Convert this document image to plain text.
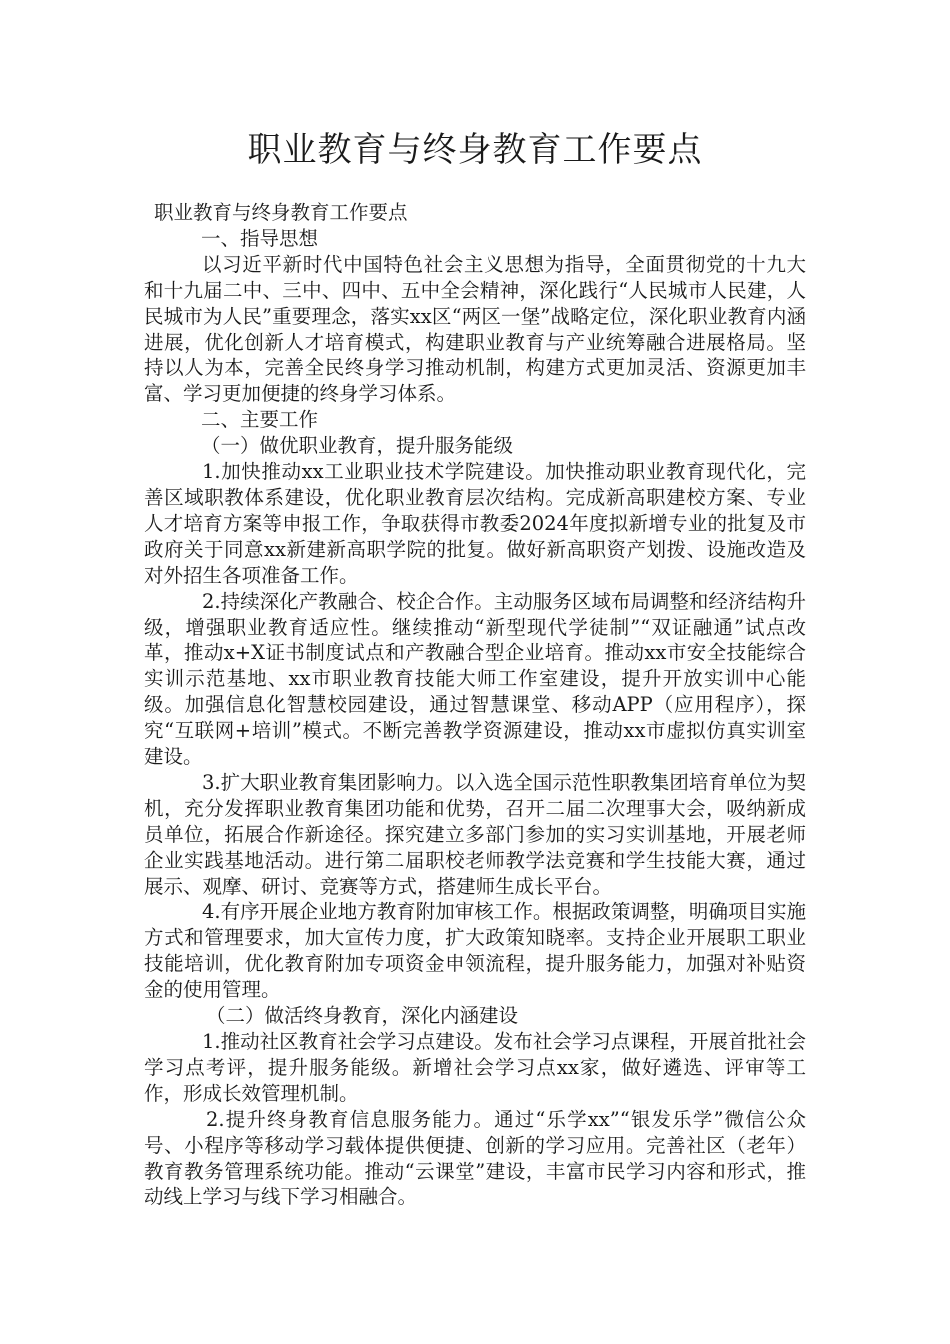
职业教育与终身教育工作要点

职业教育与终身教育工作要点

一、指导思想

以习近平新时代中国特色社会主义思想为指导，全面贯彻党的十九大和十九届二中、三中、四中、五中全会精神，深化践行“人民城市人民建，人民城市为人民”重要理念，落实xx区“两区一堡”战略定位，深化职业教育内涵进展，优化创新人才培育模式，构建职业教育与产业统筹融合进展格局。坚持以人为本，完善全民终身学习推动机制，构建方式更加灵活、资源更加丰富、学习更加便捷的终身学习体系。

二、主要工作

（一）做优职业教育，提升服务能级

1.加快推动xx工业职业技术学院建设。加快推动职业教育现代化，完善区域职教体系建设，优化职业教育层次结构。完成新高职建校方案、专业人才培育方案等申报工作，争取获得市教委2024年度拟新增专业的批复及市政府关于同意xx新建新高职学院的批复。做好新高职资产划拨、设施改造及对外招生各项准备工作。

2.持续深化产教融合、校企合作。主动服务区域布局调整和经济结构升级，增强职业教育适应性。继续推动“新型现代学徒制”“双证融通”试点改革，推动x+X证书制度试点和产教融合型企业培育。推动xx市安全技能综合实训示范基地、xx市职业教育技能大师工作室建设，提升开放实训中心能级。加强信息化智慧校园建设，通过智慧课堂、移动APP（应用程序），探究“互联网+培训”模式。不断完善教学资源建设，推动xx市虚拟仿真实训室建设。

3.扩大职业教育集团影响力。以入选全国示范性职教集团培育单位为契机，充分发挥职业教育集团功能和优势，召开二届二次理事大会，吸纳新成员单位，拓展合作新途径。探究建立多部门参加的实习实训基地，开展老师企业实践基地活动。进行第二届职校老师教学法竞赛和学生技能大赛，通过展示、观摩、研讨、竞赛等方式，搭建师生成长平台。

4.有序开展企业地方教育附加审核工作。根据政策调整，明确项目实施方式和管理要求，加大宣传力度，扩大政策知晓率。支持企业开展职工职业技能培训，优化教育附加专项资金申领流程，提升服务能力，加强对补贴资金的使用管理。

（二）做活终身教育，深化内涵建设

1.推动社区教育社会学习点建设。发布社会学习点课程，开展首批社会学习点考评，提升服务能级。新增社会学习点xx家，做好遴选、评审等工作，形成长效管理机制。

2.提升终身教育信息服务能力。通过“乐学xx”“银发乐学”微信公众号、小程序等移动学习载体提供便捷、创新的学习应用。完善社区（老年）教育教务管理系统功能。推动“云课堂”建设，丰富市民学习内容和形式，推动线上学习与线下学习相融合。
